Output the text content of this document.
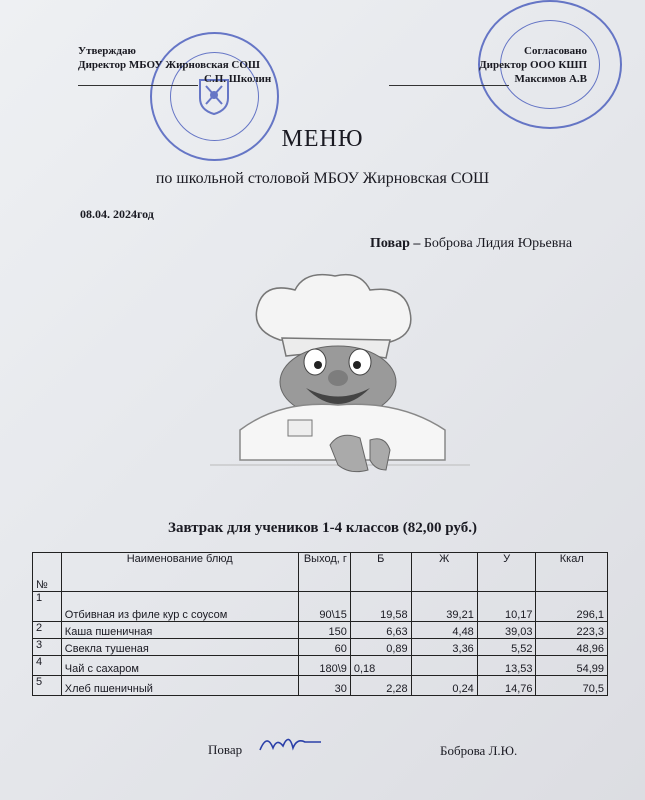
Утверждаю
Директор МБОУ Жирновская СОШ
С.П. Школин
Согласовано
Директор ООО КШП
Максимов А.В
МЕНЮ
по школьной столовой МБОУ Жирновская СОШ
08.04. 2024год
Повар – Боброва Лидия Юрьевна
Завтрак для учеников 1-4 классов (82,00 руб.)
№	Наименование блюд	Выход, г	Б	Ж	У	Ккал
1	Отбивная из филе кур с соусом	90\15	19,58	39,21	10,17	296,1
2	Каша пшеничная	150	6,63	4,48	39,03	223,3
3	Свекла тушеная	60	0,89	3,36	5,52	48,96
4	Чай с сахаром	180\9	0,18		13,53	54,99
5	Хлеб пшеничный	30	2,28	0,24	14,76	70,5
Повар	Боброва Л.Ю.
